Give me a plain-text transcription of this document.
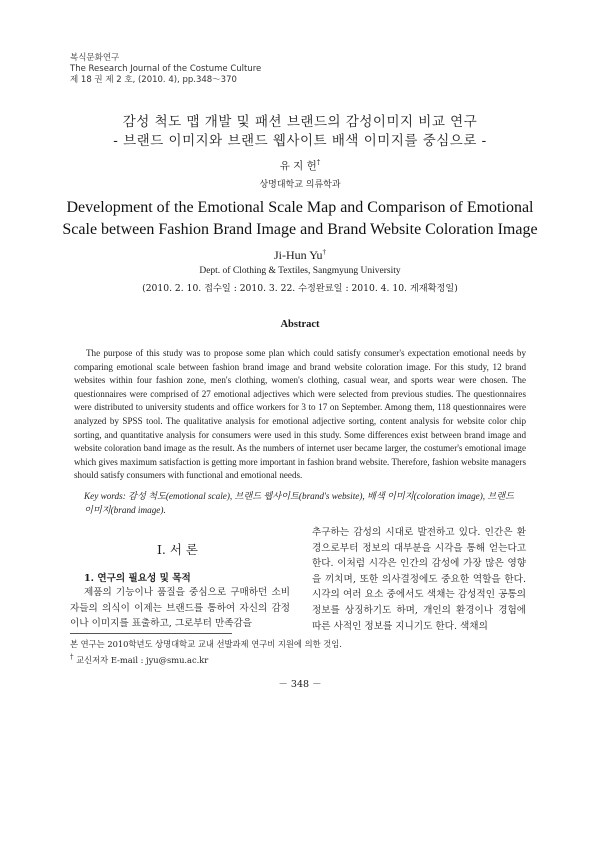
복식문화연구
The Research Journal of the Costume Culture
제 18 권 제 2 호, (2010. 4), pp.348～370
감성 척도 맵 개발 및 패션 브랜드의 감성이미지 비교 연구
- 브랜드 이미지와 브랜드 웹사이트 배색 이미지를 중심으로 -
유 지 헌†
상명대학교 의류학과
Development of the Emotional Scale Map and Comparison of Emotional
Scale between Fashion Brand Image and Brand Website Coloration Image
Ji-Hun Yu†
Dept. of Clothing & Textiles, Sangmyung University
(2010. 2. 10. 접수일 : 2010. 3. 22. 수정완료일 : 2010. 4. 10. 게재확정일)
Abstract
The purpose of this study was to propose some plan which could satisfy consumer's expectation emotional needs by comparing emotional scale between fashion brand image and brand website coloration image. For this study, 12 brand websites within four fashion zone, men's clothing, women's clothing, casual wear, and sports wear were chosen. The questionnaires were comprised of 27 emotional adjectives which were selected from previous studies. The questionnaires were distributed to university students and office workers for 3 to 17 on September. Among them, 118 questionnaires were analyzed by SPSS tool. The qualitative analysis for emotional adjective sorting, content analysis for website color chip sorting, and quantitative analysis for consumers were used in this study. Some differences exist between brand image and website coloration band image as the result. As the numbers of internet user became larger, the costumer's emotional image which gives maximum satisfaction is getting more important in fashion brand website. Therefore, fashion website managers should satisfy consumers with functional and emotional needs.
Key words: 감성 척도(emotional scale), 브랜드 웹사이트(brand's website), 배색 이미지(coloration image), 브랜드 이미지(brand image).
Ⅰ. 서 론
1. 연구의 필요성 및 목적
제품의 기능이나 품질을 중심으로 구매하던 소비자들의 의식이 이제는 브랜드를 통하여 자신의 감정이나 이미지를 표출하고, 그로부터 만족감을
추구하는 감성의 시대로 발전하고 있다. 인간은 환경으로부터 정보의 대부분을 시각을 통해 얻는다고 한다. 이처럼 시각은 인간의 감성에 가장 많은 영향을 끼치며, 또한 의사결정에도 중요한 역할을 한다. 시각의 여러 요소 중에서도 색채는 감성적인 공통의 정보를 상징하기도 하며, 개인의 환경이나 경험에 따른 사적인 정보를 지니기도 한다. 색채의
본 연구는 2010학년도 상명대학교 교내 선발과제 연구비 지원에 의한 것임.
† 교신저자 E-mail : jyu@smu.ac.kr
－ 348 －
